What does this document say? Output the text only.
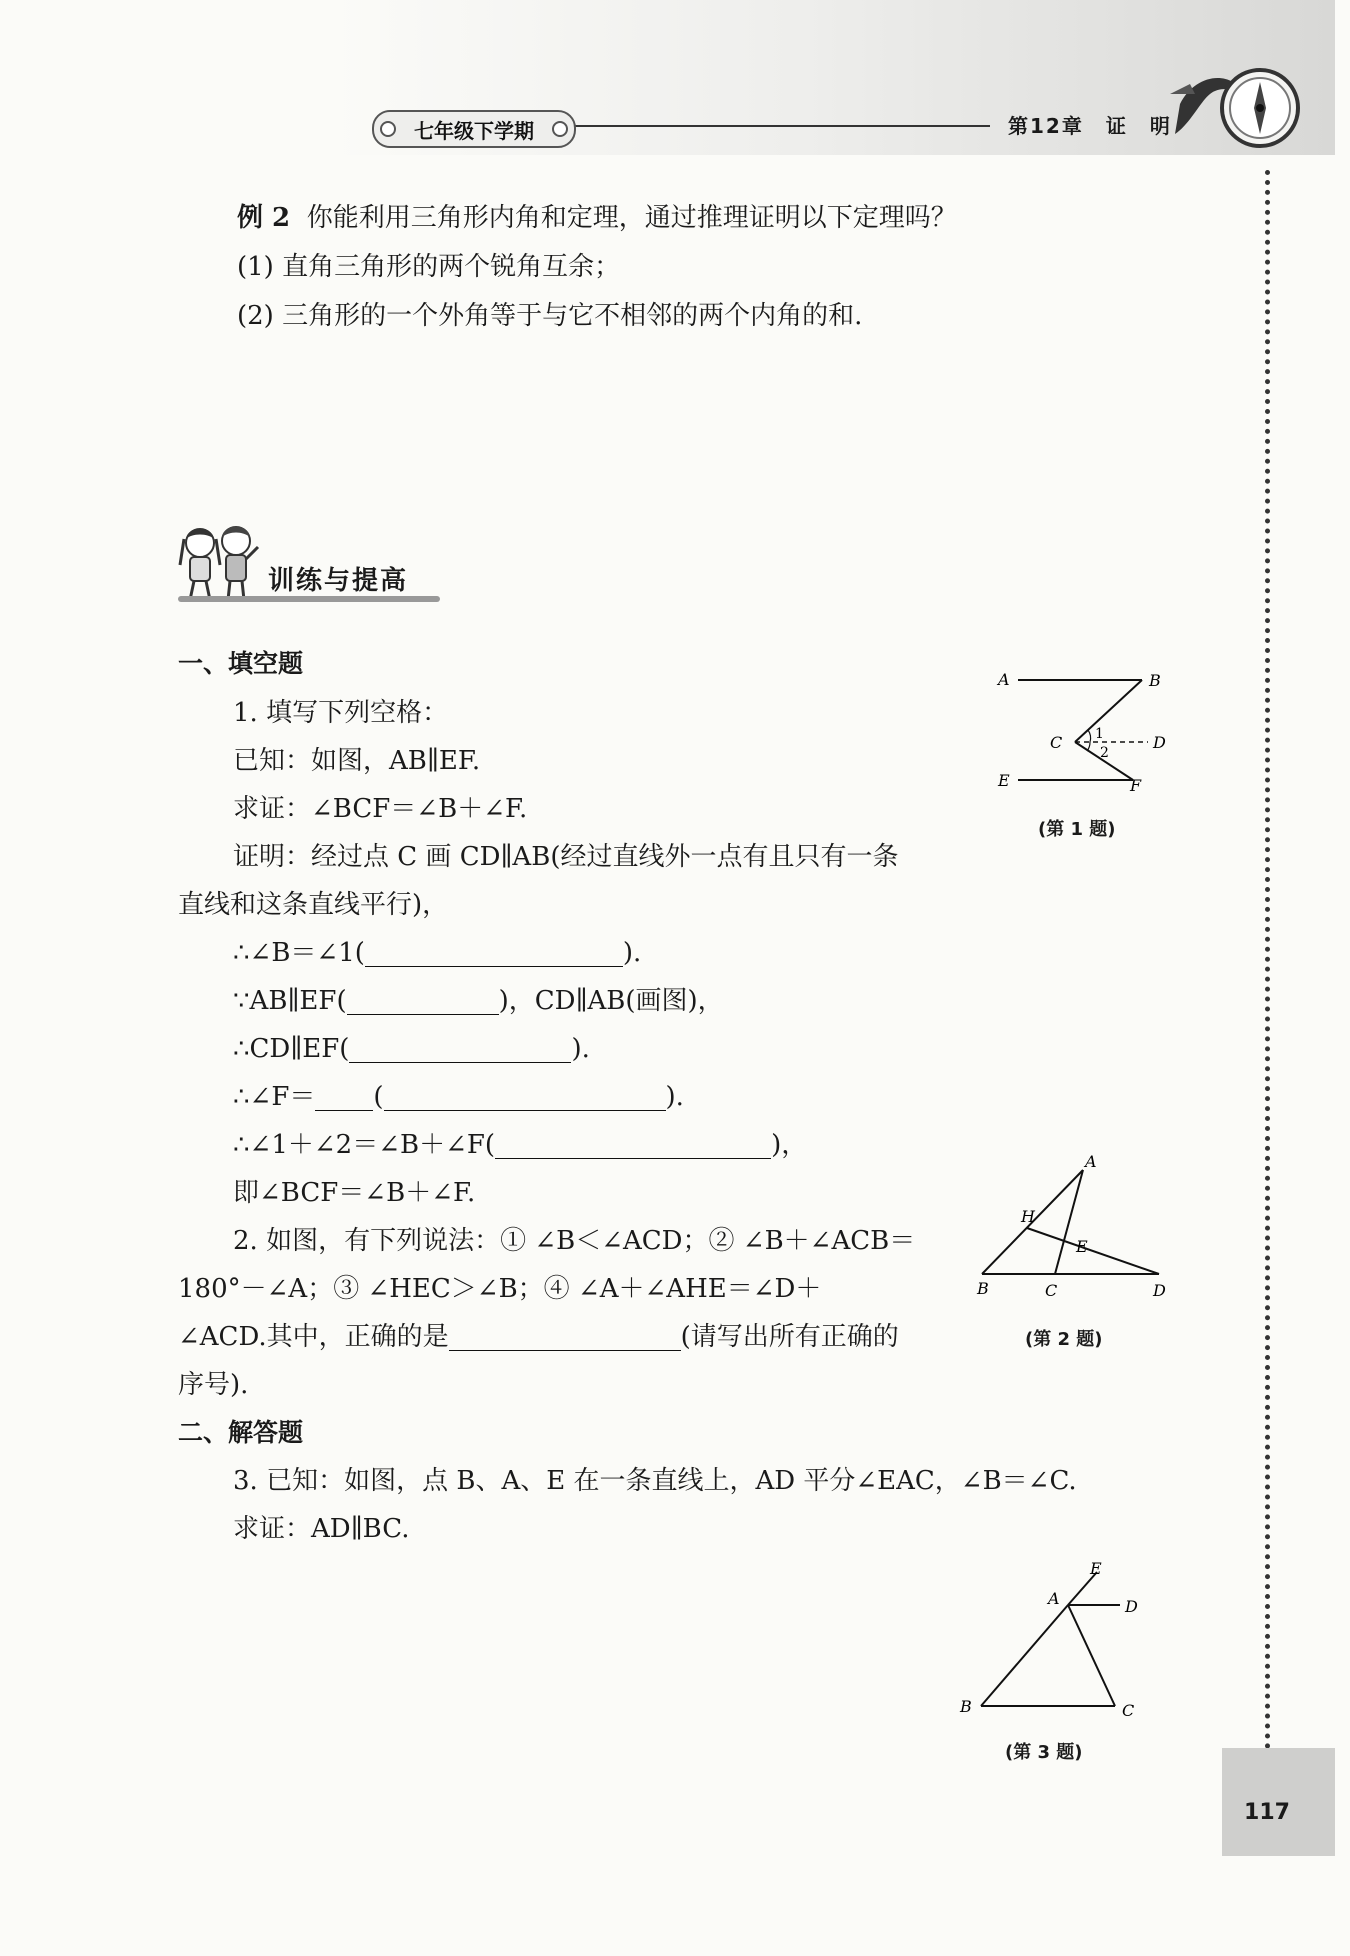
七年级下学期	第12章　证　明
117
例 2 你能利用三角形内角和定理，通过推理证明以下定理吗？
(1) 直角三角形的两个锐角互余；
(2) 三角形的一个外角等于与它不相邻的两个内角的和.
训练与提高
一、填空题
1. 填写下列空格：
已知：如图，AB∥EF.
求证：∠BCF＝∠B＋∠F.
证明：经过点 C 画 CD∥AB(经过直线外一点有且只有一条
直线和这条直线平行)，
∴∠B＝∠1(	).
∵AB∥EF(	)，CD∥AB(画图)，
∴CD∥EF(	).
∴∠F＝ (	).
∴∠1＋∠2＝∠B＋∠F(	)，
即∠BCF＝∠B＋∠F.
A	B
C	D
E	F
1
2
(第 1 题)
2. 如图，有下列说法：① ∠B＜∠ACD；② ∠B＋∠ACB＝
180°－∠A；③ ∠HEC＞∠B；④ ∠A＋∠AHE＝∠D＋
∠ACD.其中，正确的是	(请写出所有正确的
序号).
A
H
E
B	C	D
(第 2 题)
二、解答题
3. 已知：如图，点 B、A、E 在一条直线上，AD 平分∠EAC，∠B＝∠C.
求证：AD∥BC.
E
A	D
B	C
(第 3 题)
